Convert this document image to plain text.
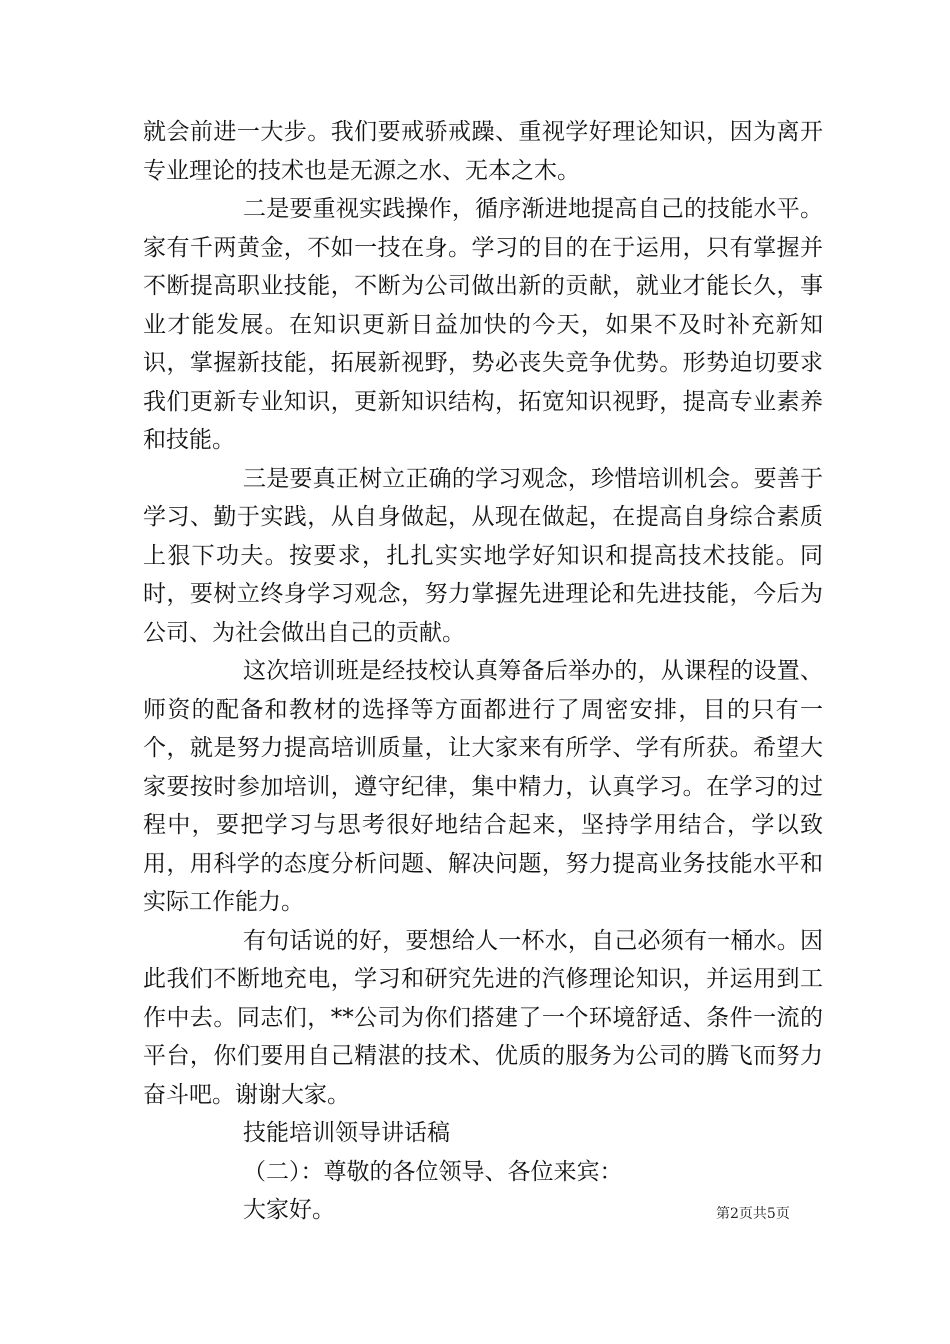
就会前进一大步。我们要戒骄戒躁、重视学好理论知识，因为离开专业理论的技术也是无源之水、无本之木。

二是要重视实践操作，循序渐进地提高自己的技能水平。家有千两黄金，不如一技在身。学习的目的在于运用，只有掌握并不断提高职业技能，不断为公司做出新的贡献，就业才能长久，事业才能发展。在知识更新日益加快的今天，如果不及时补充新知识，掌握新技能，拓展新视野，势必丧失竞争优势。形势迫切要求我们更新专业知识，更新知识结构，拓宽知识视野，提高专业素养和技能。

三是要真正树立正确的学习观念，珍惜培训机会。要善于学习、勤于实践，从自身做起，从现在做起，在提高自身综合素质上狠下功夫。按要求，扎扎实实地学好知识和提高技术技能。同时，要树立终身学习观念，努力掌握先进理论和先进技能，今后为公司、为社会做出自己的贡献。

这次培训班是经技校认真筹备后举办的，从课程的设置、师资的配备和教材的选择等方面都进行了周密安排，目的只有一个，就是努力提高培训质量，让大家来有所学、学有所获。希望大家要按时参加培训，遵守纪律，集中精力，认真学习。在学习的过程中，要把学习与思考很好地结合起来，坚持学用结合，学以致用，用科学的态度分析问题、解决问题，努力提高业务技能水平和实际工作能力。

有句话说的好，要想给人一杯水，自己必须有一桶水。因此我们不断地充电，学习和研究先进的汽修理论知识，并运用到工作中去。同志们，**公司为你们搭建了一个环境舒适、条件一流的平台，你们要用自己精湛的技术、优质的服务为公司的腾飞而努力奋斗吧。谢谢大家。

技能培训领导讲话稿

（二）：尊敬的各位领导、各位来宾：

大家好。	第2页共5页
